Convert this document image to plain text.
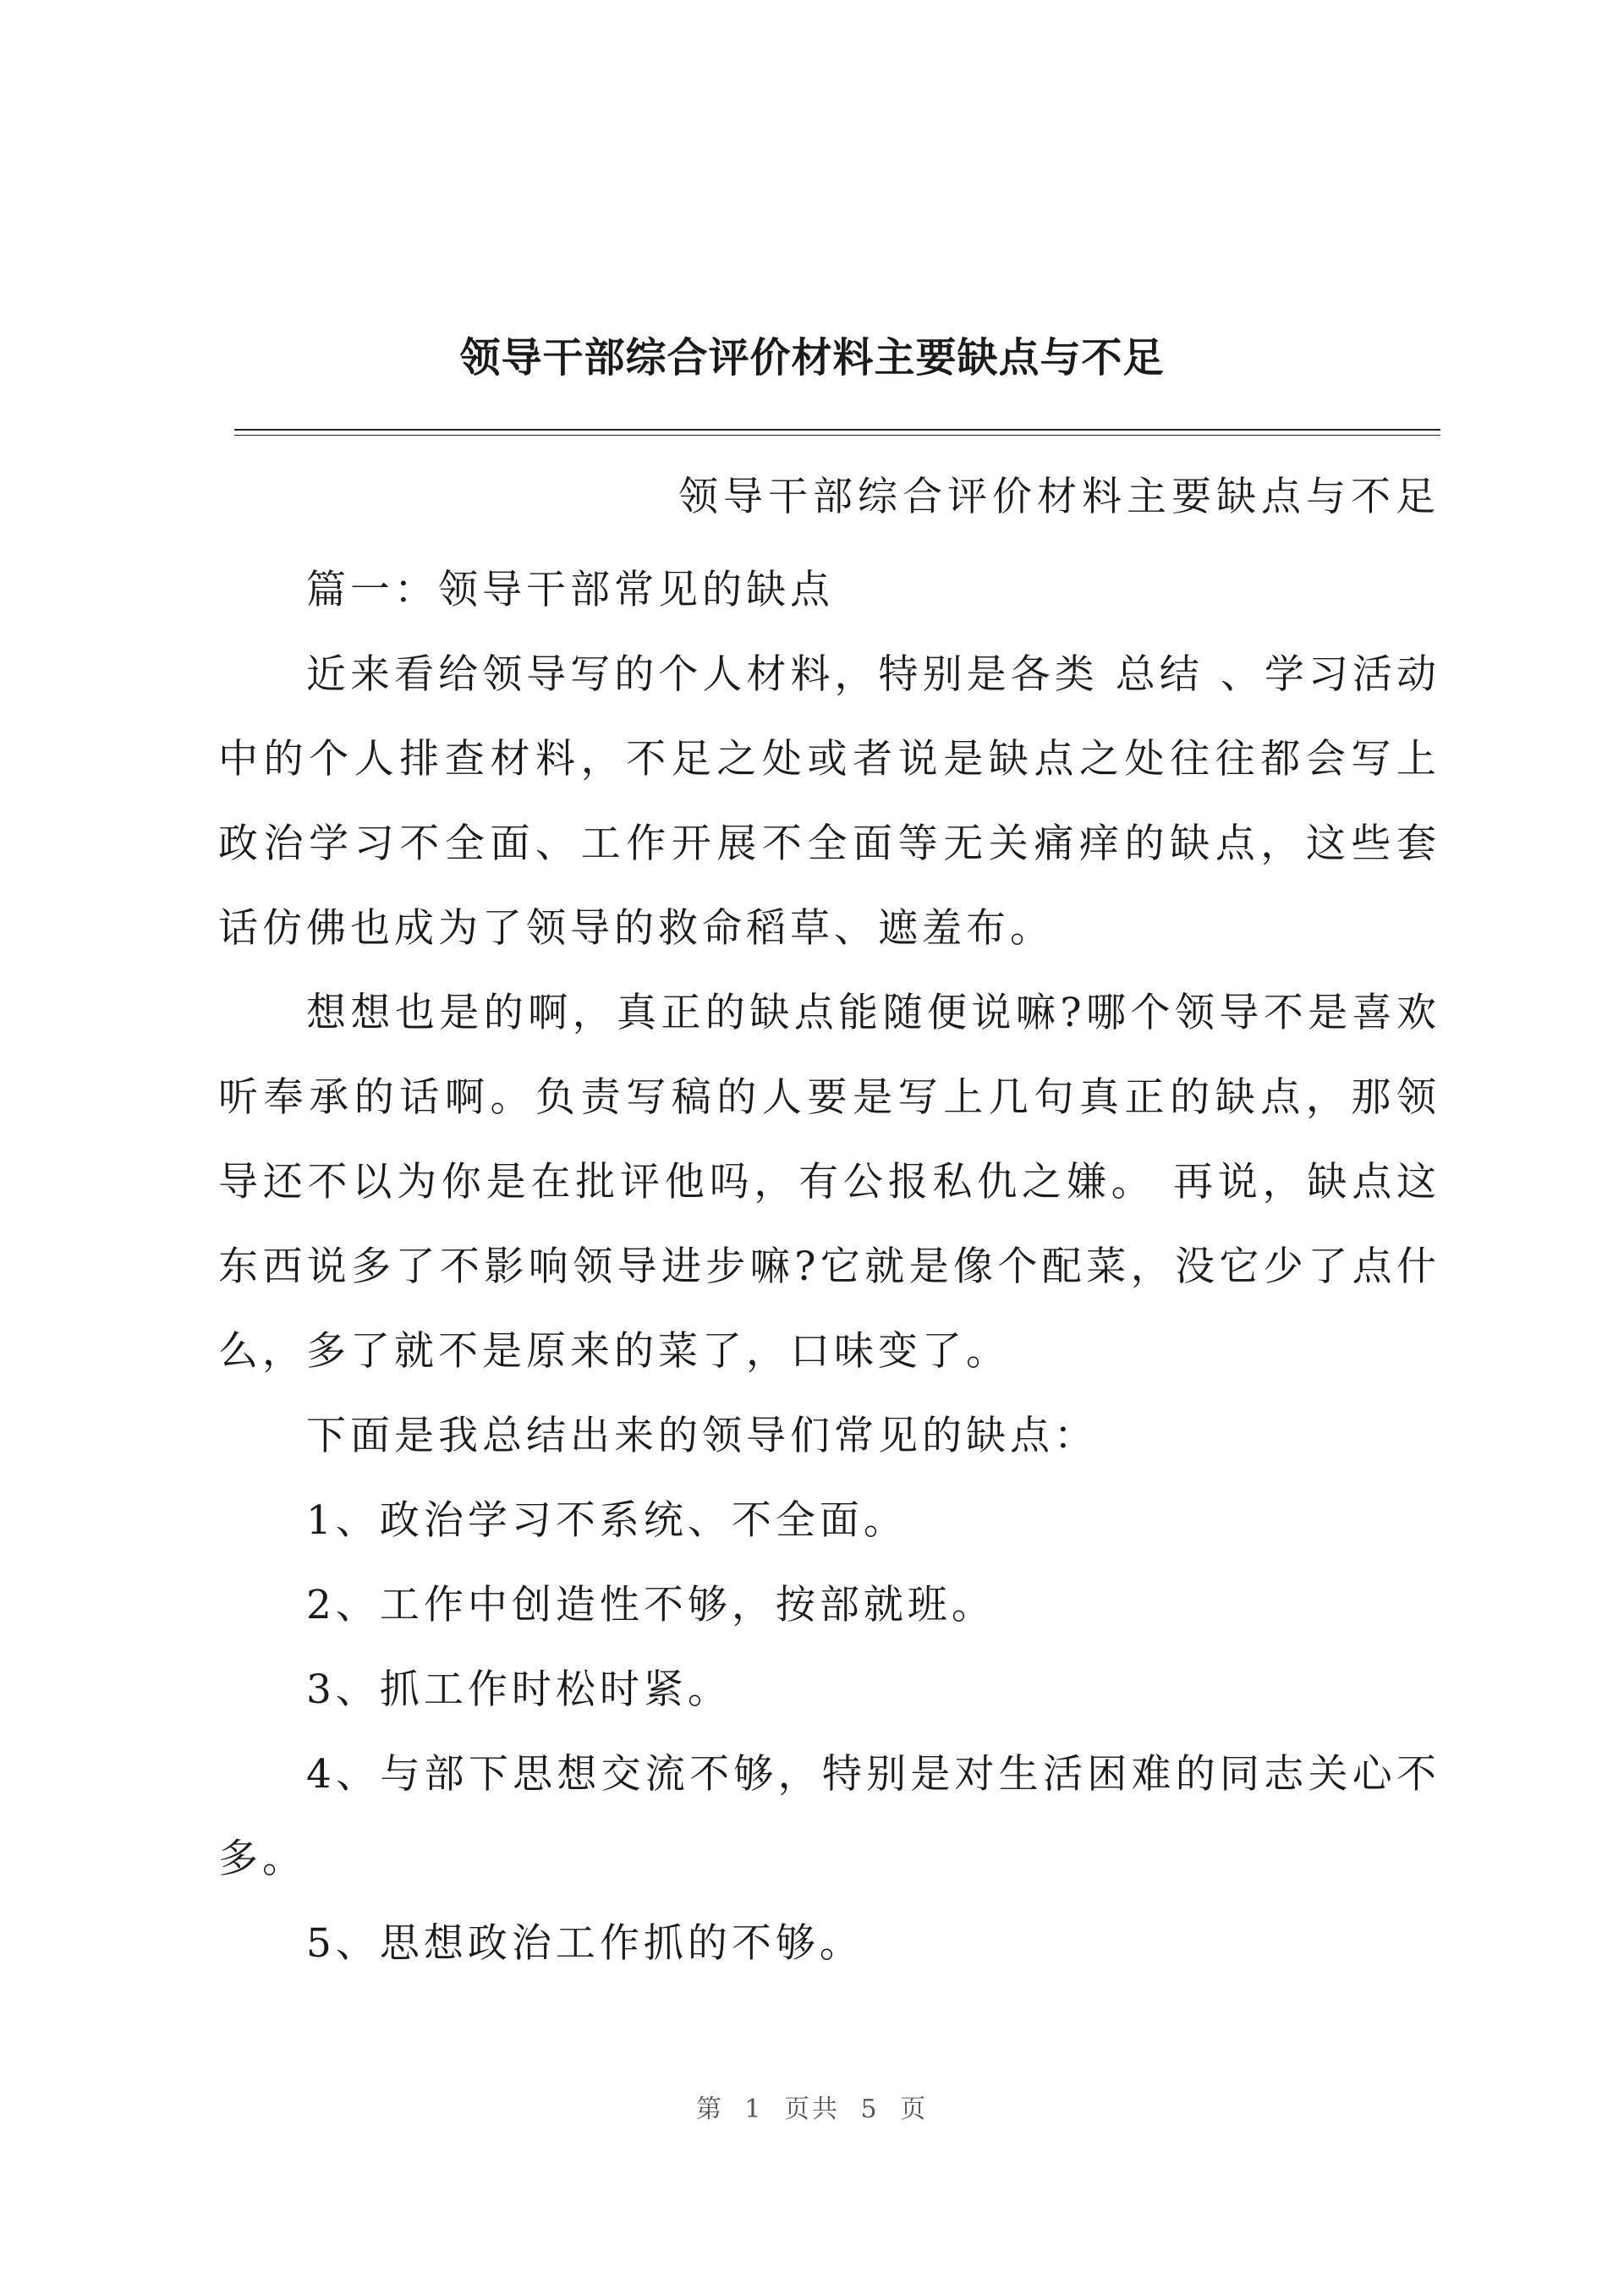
领导干部综合评价材料主要缺点与不足
领导干部综合评价材料主要缺点与不足

篇一：领导干部常见的缺点

近来看给领导写的个人材料，特别是各类 总结 、学习活动中的个人排查材料，不足之处或者说是缺点之处往往都会写上政治学习不全面、工作开展不全面等无关痛痒的缺点，这些套话仿佛也成为了领导的救命稻草、遮羞布。

想想也是的啊，真正的缺点能随便说嘛?哪个领导不是喜欢听奉承的话啊。负责写稿的人要是写上几句真正的缺点，那领导还不以为你是在批评他吗，有公报私仇之嫌。 再说，缺点这东西说多了不影响领导进步嘛?它就是像个配菜，没它少了点什么，多了就不是原来的菜了，口味变了。

下面是我总结出来的领导们常见的缺点：

1、政治学习不系统、不全面。

2、工作中创造性不够，按部就班。

3、抓工作时松时紧。

4、与部下思想交流不够，特别是对生活困难的同志关心不多。

5、思想政治工作抓的不够。

第 1 页共 5 页
